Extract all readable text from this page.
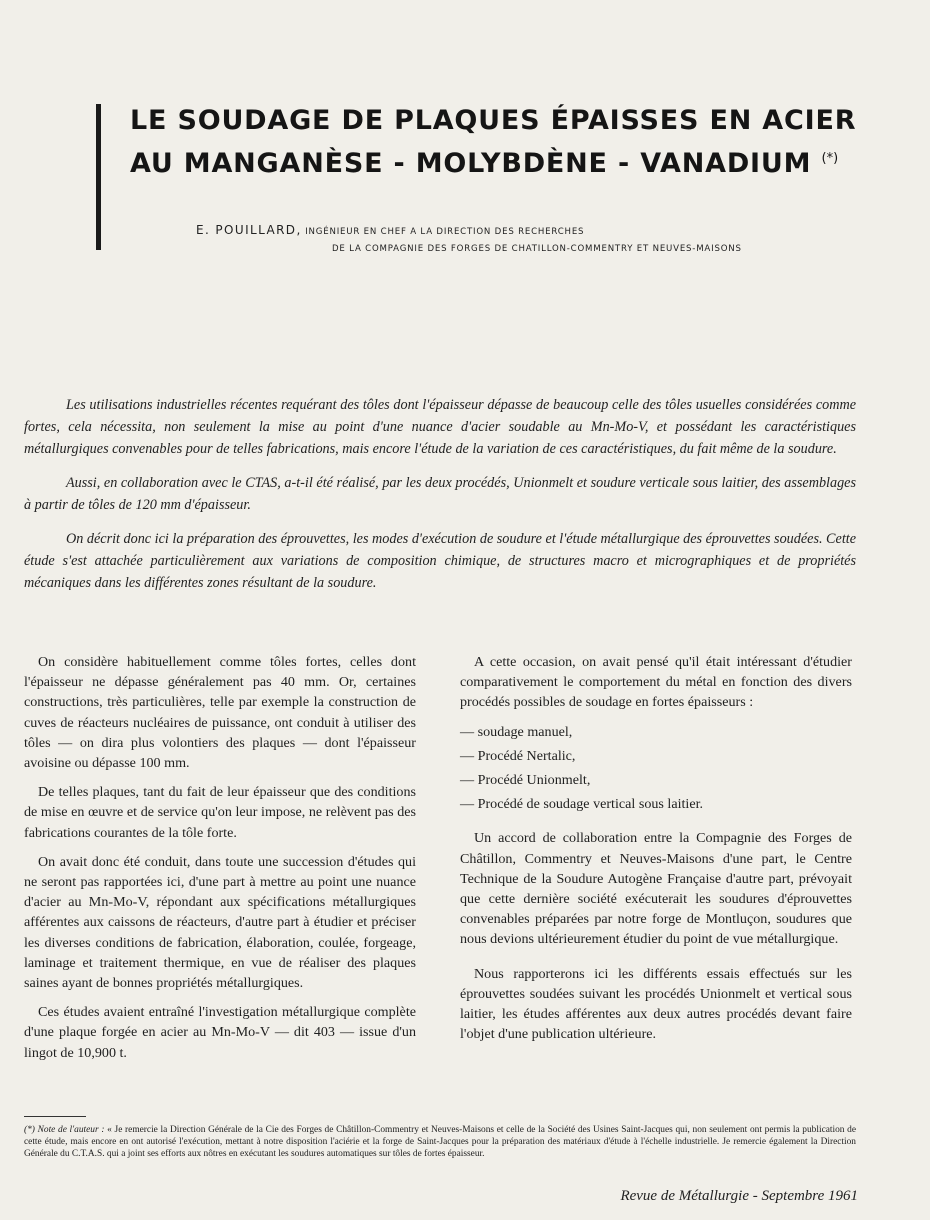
LE SOUDAGE DE PLAQUES ÉPAISSES EN ACIER
AU MANGANÈSE - MOLYBDÈNE - VANADIUM (*)
E. POUILLARD, INGÉNIEUR EN CHEF A LA DIRECTION DES RECHERCHES
DE LA COMPAGNIE DES FORGES DE CHATILLON-COMMENTRY ET NEUVES-MAISONS

Les utilisations industrielles récentes requérant des tôles dont l'épaisseur dépasse de beaucoup celle des tôles usuelles considérées comme fortes, cela nécessita, non seulement la mise au point d'une nuance d'acier soudable au Mn-Mo-V, et possédant les caractéristiques métallurgiques convenables pour de telles fabrications, mais encore l'étude de la variation de ces caractéristiques, du fait même de la soudure.

Aussi, en collaboration avec le CTAS, a-t-il été réalisé, par les deux procédés, Unionmelt et soudure verticale sous laitier, des assemblages à partir de tôles de 120 mm d'épaisseur.

On décrit donc ici la préparation des éprouvettes, les modes d'exécution de soudure et l'étude métallurgique des éprouvettes soudées. Cette étude s'est attachée particulièrement aux variations de composition chimique, de structures macro et micrographiques et de propriétés mécaniques dans les différentes zones résultant de la soudure.

On considère habituellement comme tôles fortes, celles dont l'épaisseur ne dépasse généralement pas 40 mm. Or, certaines constructions, très particulières, telle par exemple la construction de cuves de réacteurs nucléaires de puissance, ont conduit à utiliser des tôles — on dira plus volontiers des plaques — dont l'épaisseur avoisine ou dépasse 100 mm.

De telles plaques, tant du fait de leur épaisseur que des conditions de mise en œuvre et de service qu'on leur impose, ne relèvent pas des fabrications courantes de la tôle forte.

On avait donc été conduit, dans toute une succession d'études qui ne seront pas rapportées ici, d'une part à mettre au point une nuance d'acier au Mn-Mo-V, répondant aux spécifications métallurgiques afférentes aux caissons de réacteurs, d'autre part à étudier et préciser les diverses conditions de fabrication, élaboration, coulée, forgeage, laminage et traitement thermique, en vue de réaliser des plaques saines ayant de bonnes propriétés métallurgiques.

Ces études avaient entraîné l'investigation métallurgique complète d'une plaque forgée en acier au Mn-Mo-V — dit 403 — issue d'un lingot de 10,900 t.

A cette occasion, on avait pensé qu'il était intéressant d'étudier comparativement le comportement du métal en fonction des divers procédés possibles de soudage en fortes épaisseurs :

— soudage manuel,

— Procédé Nertalic,

— Procédé Unionmelt,

— Procédé de soudage vertical sous laitier.

Un accord de collaboration entre la Compagnie des Forges de Châtillon, Commentry et Neuves-Maisons d'une part, le Centre Technique de la Soudure Autogène Française d'autre part, prévoyait que cette dernière société exécuterait les soudures d'éprouvettes convenables préparées par notre forge de Montluçon, soudures que nous devions ultérieurement étudier du point de vue métallurgique.

Nous rapporterons ici les différents essais effectués sur les éprouvettes soudées suivant les procédés Unionmelt et vertical sous laitier, les études afférentes aux deux autres procédés devant faire l'objet d'une publication ultérieure.

(*) Note de l'auteur : « Je remercie la Direction Générale de la Cie des Forges de Châtillon-Commentry et Neuves-Maisons et celle de la Société des Usines Saint-Jacques qui, non seulement ont permis la publication de cette étude, mais encore en ont autorisé l'exécution, mettant à notre disposition l'aciérie et la forge de Saint-Jacques pour la préparation des matériaux d'étude à l'échelle industrielle. Je remercie également la Direction Générale du C.T.A.S. qui a joint ses efforts aux nôtres en exécutant les soudures automatiques sur tôles de fortes épaisseur.
Revue de Métallurgie - Septembre 1961
